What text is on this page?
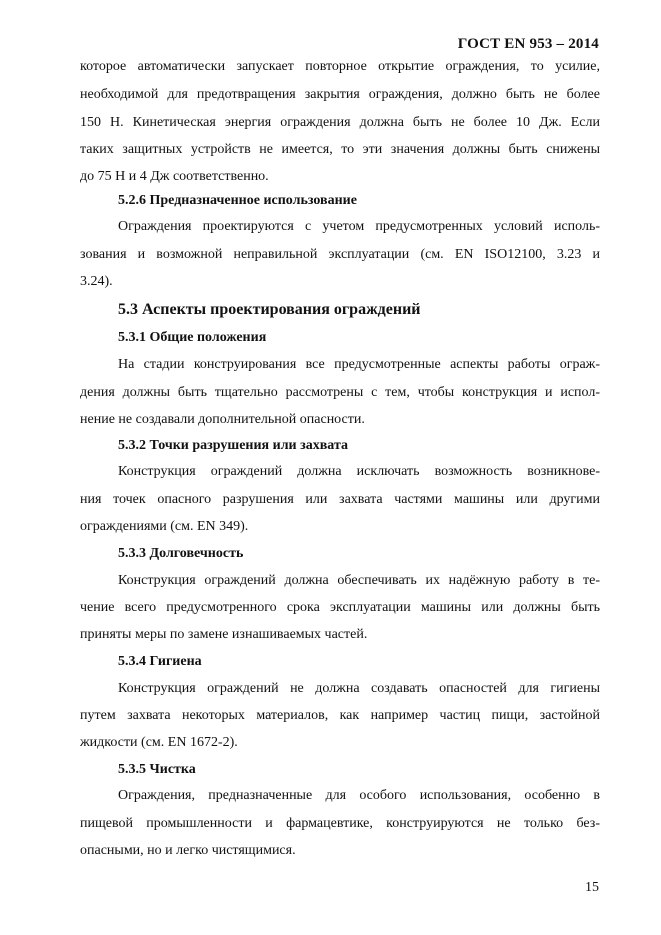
ГОСТ EN 953 – 2014
которое автоматически запускает повторное открытие ограждения, то усилие,
необходимой для предотвращения закрытия ограждения, должно быть не более
150 Н. Кинетическая энергия ограждения должна быть не более 10 Дж. Если
таких защитных устройств не имеется, то эти значения должны быть снижены
до 75 Н и 4 Дж соответственно.
5.2.6 Предназначенное использование
Ограждения проектируются с учетом предусмотренных условий исполь-
зования и возможной неправильной эксплуатации (см. EN ISO12100, 3.23 и
3.24).
5.3 Аспекты проектирования ограждений
5.3.1 Общие положения
На стадии конструирования все предусмотренные аспекты работы ограж-
дения должны быть тщательно рассмотрены с тем, чтобы конструкция и испол-
нение не создавали дополнительной опасности.
5.3.2 Точки разрушения или захвата
Конструкция ограждений должна исключать возможность возникнове-
ния точек опасного разрушения или захвата частями машины или другими
ограждениями (см. EN 349).
5.3.3 Долговечность
Конструкция ограждений должна обеспечивать их надёжную работу в те-
чение всего предусмотренного срока эксплуатации машины или должны быть
приняты меры по замене изнашиваемых частей.
5.3.4 Гигиена
Конструкция ограждений не должна создавать опасностей для гигиены
путем захвата некоторых материалов, как например частиц пищи, застойной
жидкости (см. EN 1672-2).
5.3.5 Чистка
Ограждения, предназначенные для особого использования, особенно в
пищевой промышленности и фармацевтике, конструируются не только без-
опасными, но и легко чистящимися.
15
